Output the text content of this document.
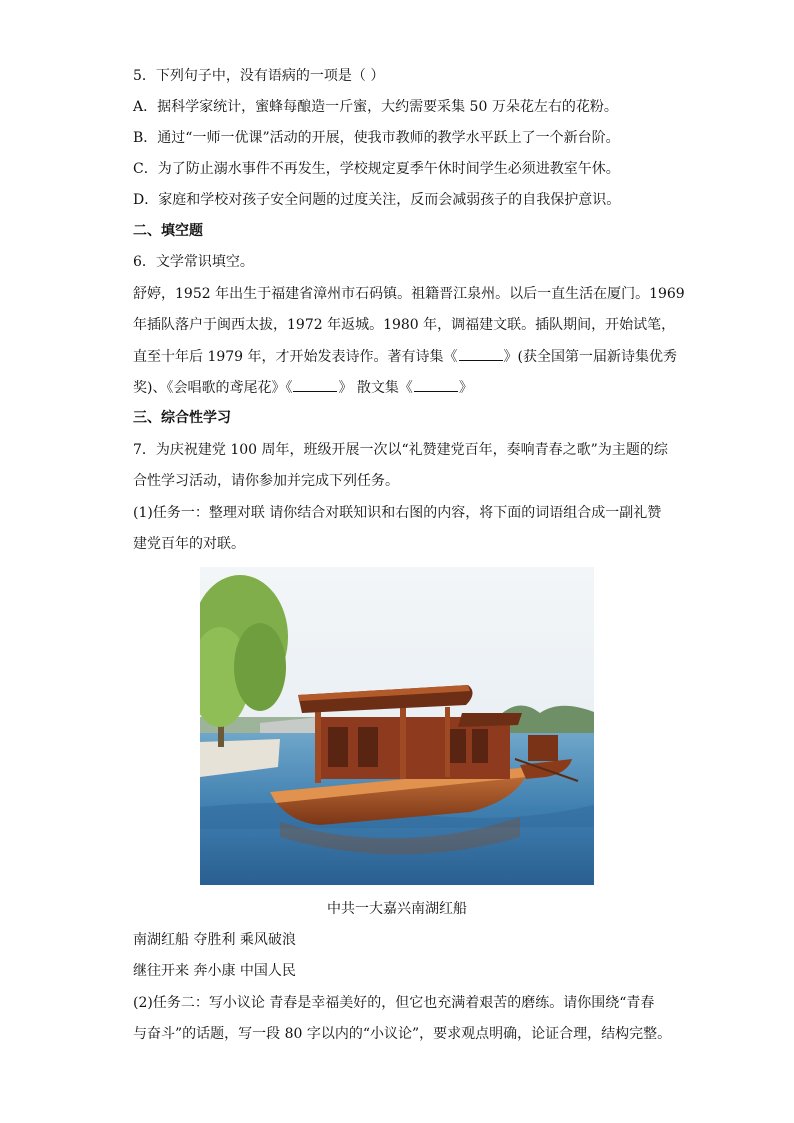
5．下列句子中，没有语病的一项是（ ）
A．据科学家统计，蜜蜂每酿造一斤蜜，大约需要采集 50 万朵花左右的花粉。
B．通过“一师一优课”活动的开展，使我市教师的教学水平跃上了一个新台阶。
C．为了防止溺水事件不再发生，学校规定夏季午休时间学生必须进教室午休。
D．家庭和学校对孩子安全问题的过度关注，反而会减弱孩子的自我保护意识。
二、填空题
6．文学常识填空。
舒婷，1952 年出生于福建省漳州市石码镇。祖籍晋江泉州。以后一直生活在厦门。1969
年插队落户于闽西太拔，1972 年返城。1980 年，调福建文联。插队期间，开始试笔，
直至十年后 1979 年，才开始发表诗作。著有诗集《	》(获全国第一届新诗集优秀
奖)、《会唱歌的鸢尾花》《	》 散文集《	》
三、综合性学习
7．为庆祝建党 100 周年，班级开展一次以“礼赞建党百年，奏响青春之歌”为主题的综
合性学习活动，请你参加并完成下列任务。
(1)任务一：整理对联 请你结合对联知识和右图的内容，将下面的词语组合成一副礼赞
建党百年的对联。
中共一大嘉兴南湖红船
南湖红船 夺胜利 乘风破浪
继往开来 奔小康 中国人民
(2)任务二：写小议论 青春是幸福美好的，但它也充满着艰苦的磨练。请你围绕“青春
与奋斗”的话题，写一段 80 字以内的“小议论”，要求观点明确，论证合理，结构完整。
